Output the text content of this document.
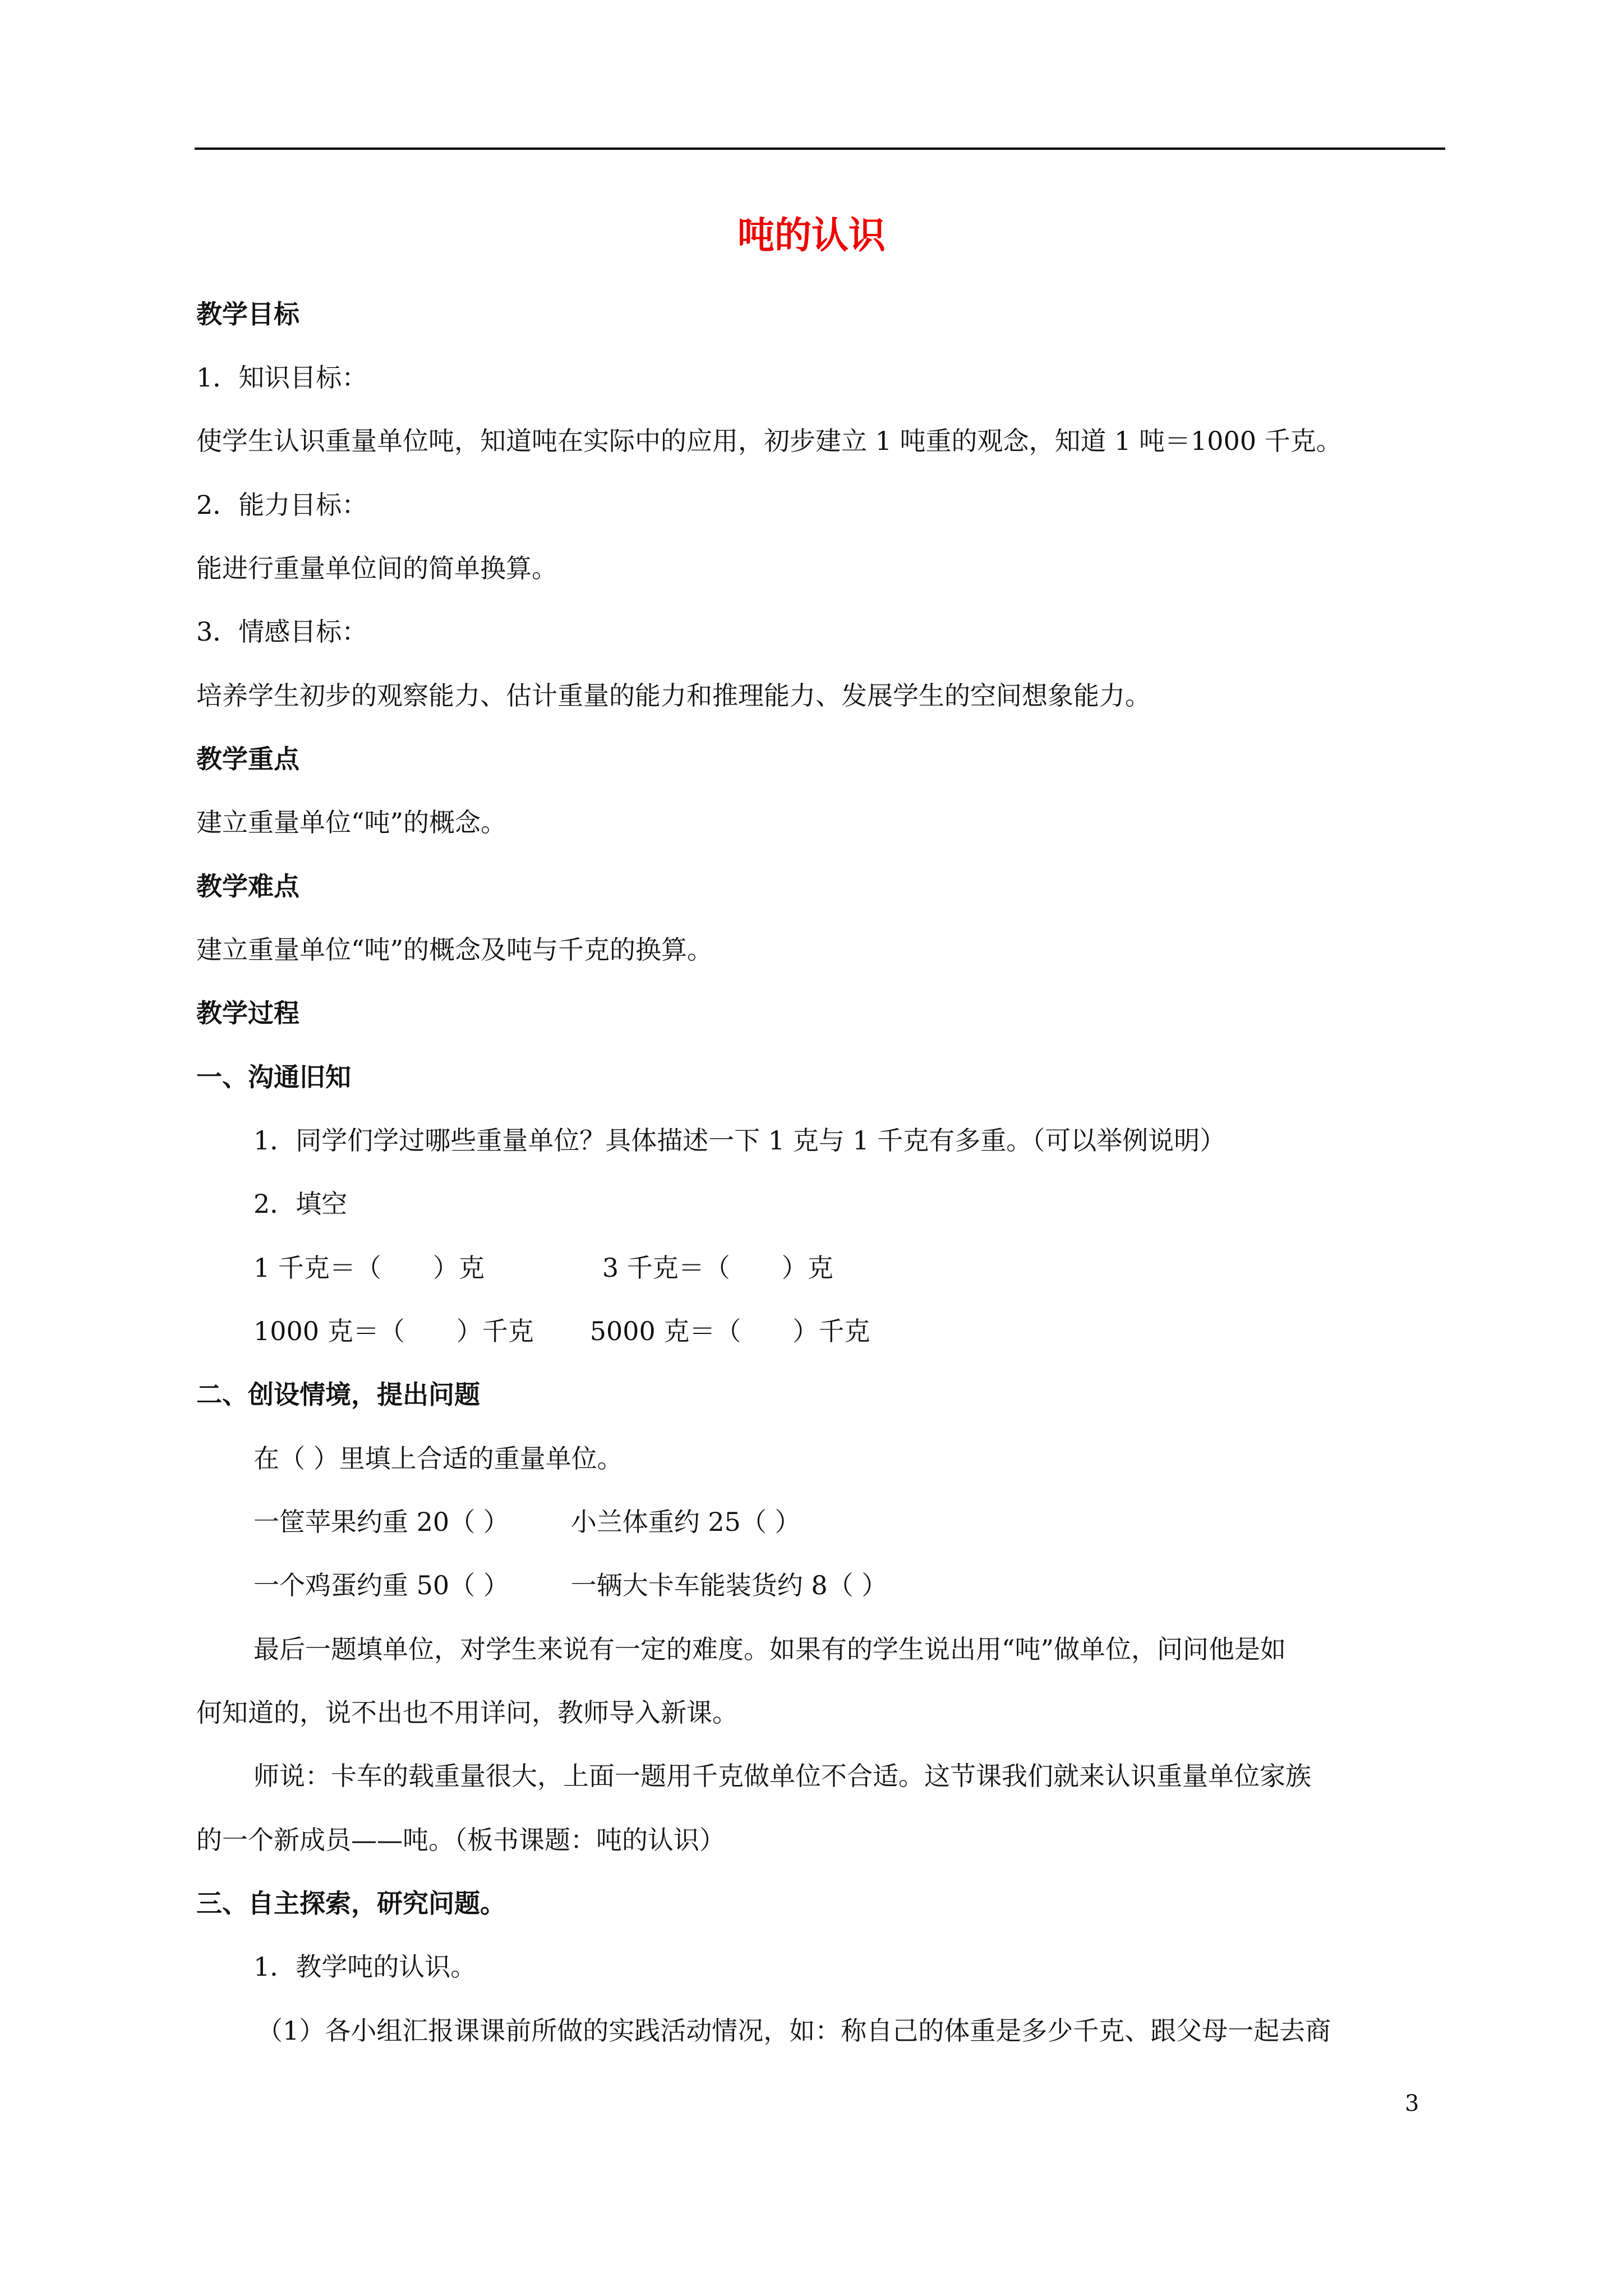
吨的认识
教学目标
1．知识目标：
使学生认识重量单位吨，知道吨在实际中的应用，初步建立 1 吨重的观念，知道 1 吨＝1000 千克。
2．能力目标：
能进行重量单位间的简单换算。
3．情感目标：
培养学生初步的观察能力、估计重量的能力和推理能力、发展学生的空间想象能力。
教学重点
建立重量单位“吨”的概念。
教学难点
建立重量单位“吨”的概念及吨与千克的换算。
教学过程
一、沟通旧知
1．同学们学过哪些重量单位？具体描述一下 1 克与 1 千克有多重。（可以举例说明）
2．填空
1 千克＝（　　）克	3 千克＝（　　）克
1000 克＝（　　）千克 5000 克＝（　　）千克
二、创设情境，提出问题
在（ ）里填上合适的重量单位。
一筐苹果约重 20（ ） 小兰体重约 25（ ）
一个鸡蛋约重 50（ ） 一辆大卡车能装货约 8（ ）
最后一题填单位，对学生来说有一定的难度。如果有的学生说出用“吨”做单位，问问他是如
何知道的，说不出也不用详问，教师导入新课。
师说：卡车的载重量很大，上面一题用千克做单位不合适。这节课我们就来认识重量单位家族
的一个新成员——吨。（板书课题：吨的认识）
三、自主探索，研究问题。
1．教学吨的认识。
（1）各小组汇报课课前所做的实践活动情况，如：称自己的体重是多少千克、跟父母一起去商
3
